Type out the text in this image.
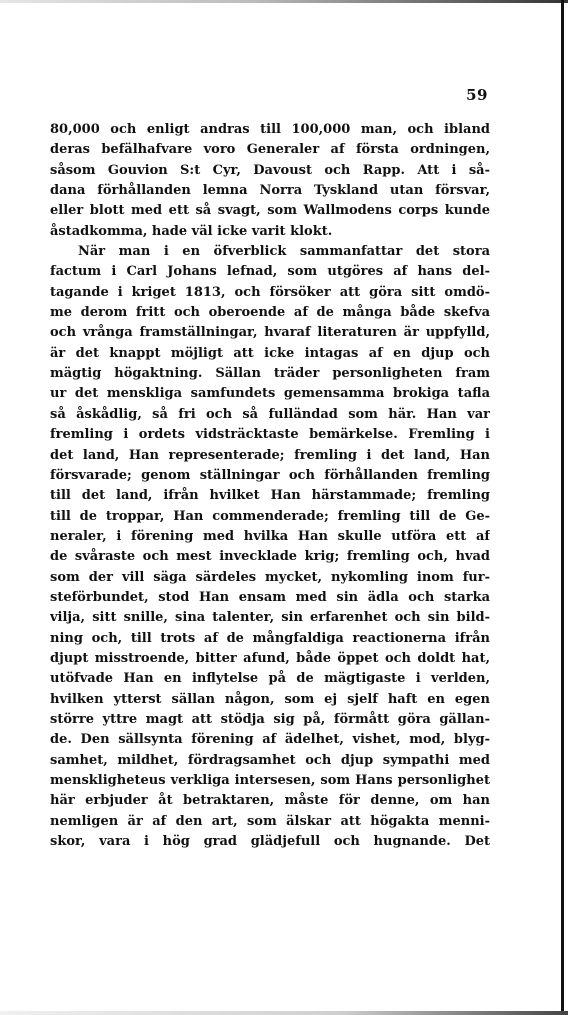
59
80,000 och enligt andras till 100,000 man, och ibland
deras befälhafvare voro Generaler af första ordningen,
såsom Gouvion S:t Cyr, Davoust och Rapp. Att i så-
dana förhållanden lemna Norra Tyskland utan försvar,
eller blott med ett så svagt, som Wallmodens corps kunde
åstadkomma, hade väl icke varit klokt.
När man i en öfverblick sammanfattar det stora
factum i Carl Johans lefnad, som utgöres af hans del-
tagande i kriget 1813, och försöker att göra sitt omdö-
me derom fritt och oberoende af de många både skefva
och vrånga framställningar, hvaraf literaturen är uppfylld,
är det knappt möjligt att icke intagas af en djup och
mägtig högaktning. Sällan träder personligheten fram
ur det menskliga samfundets gemensamma brokiga tafla
så åskådlig, så fri och så fulländad som här. Han var
fremling i ordets vidsträcktaste bemärkelse. Fremling i
det land, Han representerade; fremling i det land, Han
försvarade; genom ställningar och förhållanden fremling
till det land, ifrån hvilket Han härstammade; fremling
till de troppar, Han commenderade; fremling till de Ge-
neraler, i förening med hvilka Han skulle utföra ett af
de svåraste och mest invecklade krig; fremling och, hvad
som der vill säga särdeles mycket, nykomling inom fur-
steförbundet, stod Han ensam med sin ädla och starka
vilja, sitt snille, sina talenter, sin erfarenhet och sin bild-
ning och, till trots af de mångfaldiga reactionerna ifrån
djupt misstroende, bitter afund, både öppet och doldt hat,
utöfvade Han en inflytelse på de mägtigaste i verlden,
hvilken ytterst sällan någon, som ej sjelf haft en egen
större yttre magt att stödja sig på, förmått göra gällan-
de. Den sällsynta förening af ädelhet, vishet, mod, blyg-
samhet, mildhet, fördragsamhet och djup sympathi med
menskligheteus verkliga intersesen, som Hans personlighet
här erbjuder åt betraktaren, måste för denne, om han
nemligen är af den art, som älskar att högakta menni-
skor, vara i hög grad glädjefull och hugnande. Det
